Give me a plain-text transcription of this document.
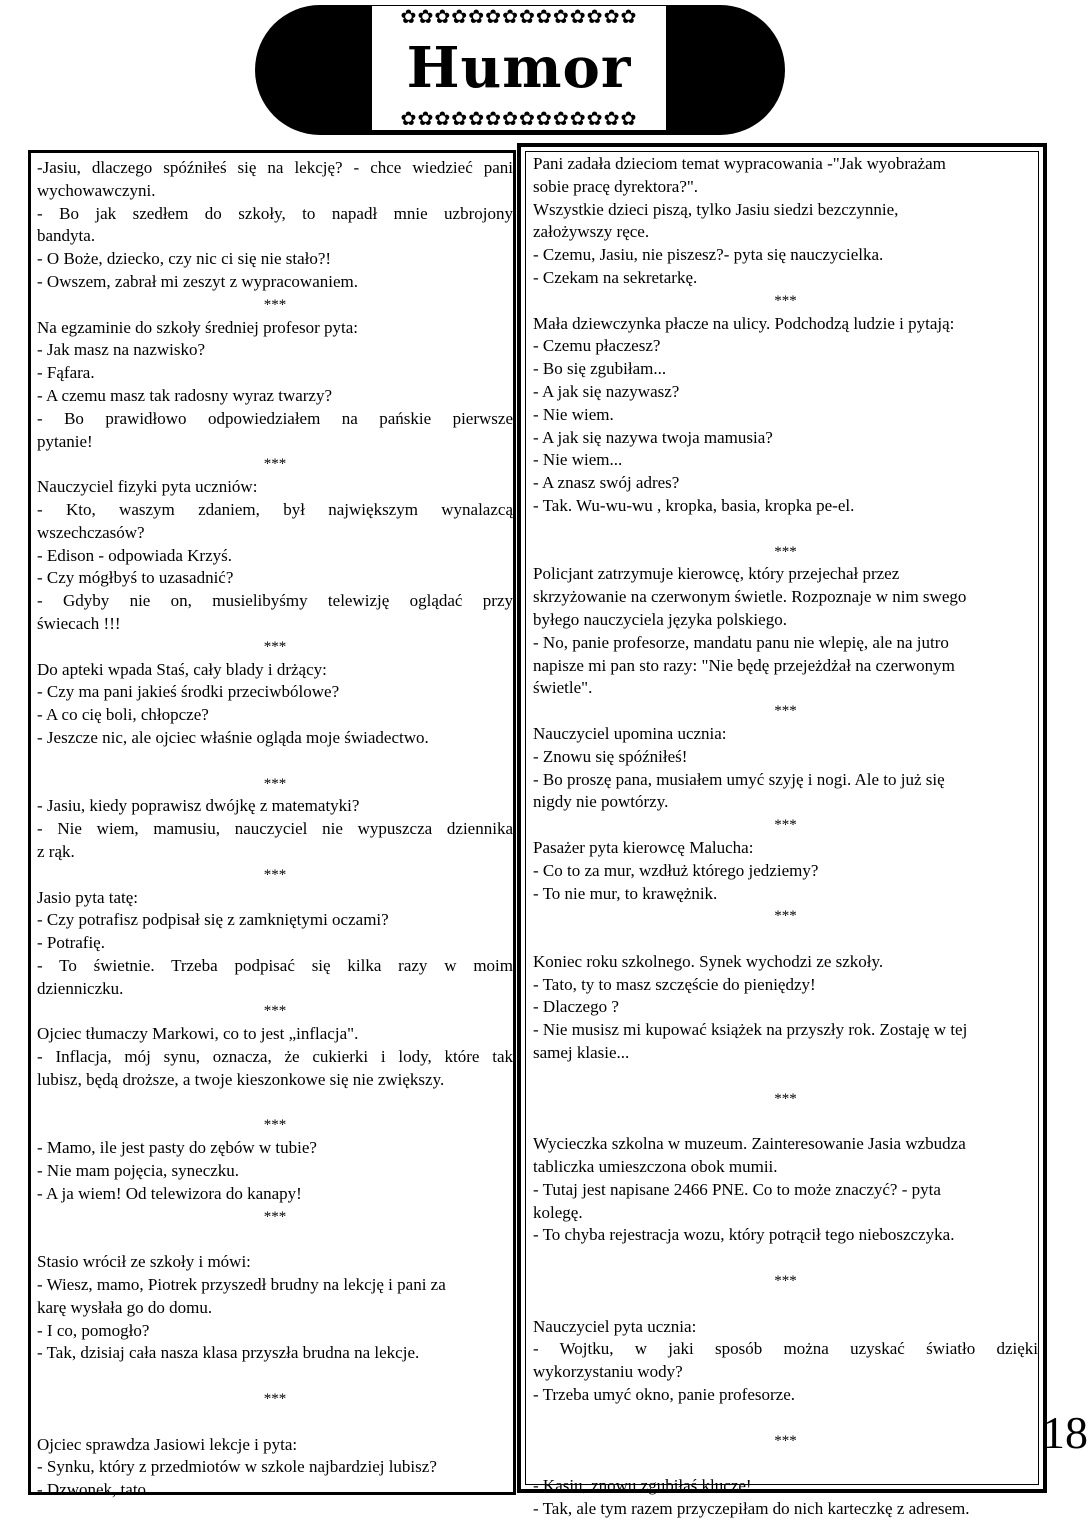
✿✿✿✿✿✿✿✿✿✿✿✿✿✿
Humor
✿✿✿✿✿✿✿✿✿✿✿✿✿✿
-Jasiu, dlaczego spóźniłeś się na lekcję? - chce wiedzieć pani
wychowawczyni.
- Bo jak szedłem do szkoły, to napadł mnie uzbrojony
bandyta.
- O Boże, dziecko, czy nic ci się nie stało?!
- Owszem, zabrał mi zeszyt z wypracowaniem.
***
Na egzaminie do szkoły średniej profesor pyta:
- Jak masz na nazwisko?
- Fąfara.
- A czemu masz tak radosny wyraz twarzy?
- Bo prawidłowo odpowiedziałem na pańskie pierwsze
pytanie!
***
Nauczyciel fizyki pyta uczniów:
- Kto, waszym zdaniem, był największym wynalazcą
wszechczasów?
- Edison - odpowiada Krzyś.
- Czy mógłbyś to uzasadnić?
- Gdyby nie on, musielibyśmy telewizję oglądać przy
świecach !!!
***
Do apteki wpada Staś, cały blady i drżący:
- Czy ma pani jakieś środki przeciwbólowe?
- A co cię boli, chłopcze?
- Jeszcze nic, ale ojciec właśnie ogląda moje świadectwo.
***
- Jasiu, kiedy poprawisz dwójkę z matematyki?
- Nie wiem, mamusiu, nauczyciel nie wypuszcza dziennika
z rąk.
***
Jasio pyta tatę:
- Czy potrafisz podpisał się z zamkniętymi oczami?
- Potrafię.
- To świetnie. Trzeba podpisać się kilka razy w moim
dzienniczku.
***
Ojciec tłumaczy Markowi, co to jest „inflacja".
- Inflacja, mój synu, oznacza, że cukierki i lody, które tak
lubisz, będą droższe, a twoje kieszonkowe się nie zwiększy.
***
- Mamo, ile jest pasty do zębów w tubie?
- Nie mam pojęcia, syneczku.
- A ja wiem! Od telewizora do kanapy!
***
Stasio wrócił ze szkoły i mówi:
- Wiesz, mamo, Piotrek przyszedł brudny na lekcję i pani za
karę wysłała go do domu.
- I co, pomogło?
- Tak, dzisiaj cała nasza klasa przyszła brudna na lekcje.
***
Ojciec sprawdza Jasiowi lekcje i pyta:
- Synku, który z przedmiotów w szkole najbardziej lubisz?
- Dzwonek, tato...
Pani zadała dzieciom temat wypracowania -"Jak wyobrażam
sobie pracę dyrektora?".
Wszystkie dzieci piszą, tylko Jasiu siedzi bezczynnie,
założywszy ręce.
- Czemu, Jasiu, nie piszesz?- pyta się nauczycielka.
- Czekam na sekretarkę.
***
Mała dziewczynka płacze na ulicy. Podchodzą ludzie i pytają:
- Czemu płaczesz?
- Bo się zgubiłam...
- A jak się nazywasz?
- Nie wiem.
- A jak się nazywa twoja mamusia?
- Nie wiem...
- A znasz swój adres?
- Tak. Wu-wu-wu , kropka, basia, kropka pe-el.
***
Policjant zatrzymuje kierowcę, który przejechał przez
skrzyżowanie na czerwonym świetle. Rozpoznaje w nim swego
byłego nauczyciela języka polskiego.
- No, panie profesorze, mandatu panu nie wlepię, ale na jutro
napisze mi pan sto razy: "Nie będę przejeżdżał na czerwonym
świetle".
***
Nauczyciel upomina ucznia:
- Znowu się spóźniłeś!
- Bo proszę pana, musiałem umyć szyję i nogi. Ale to już się
nigdy nie powtórzy.
***
Pasażer pyta kierowcę Malucha:
- Co to za mur, wzdłuż którego jedziemy?
- To nie mur, to krawężnik.
***
Koniec roku szkolnego. Synek wychodzi ze szkoły.
- Tato, ty to masz szczęście do pieniędzy!
- Dlaczego ?
- Nie musisz mi kupować książek na przyszły rok. Zostaję w tej
samej klasie...
***
Wycieczka szkolna w muzeum. Zainteresowanie Jasia wzbudza
tabliczka umieszczona obok mumii.
- Tutaj jest napisane 2466 PNE. Co to może znaczyć? - pyta
kolegę.
- To chyba rejestracja wozu, który potrącił tego nieboszczyka.
***
Nauczyciel pyta ucznia:
- Wojtku, w jaki sposób można uzyskać światło dzięki
wykorzystaniu wody?
- Trzeba umyć okno, panie profesorze.
***
- Kasiu, znowu zgubiłaś klucze!
- Tak, ale tym razem przyczepiłam do nich karteczkę z adresem.
18
